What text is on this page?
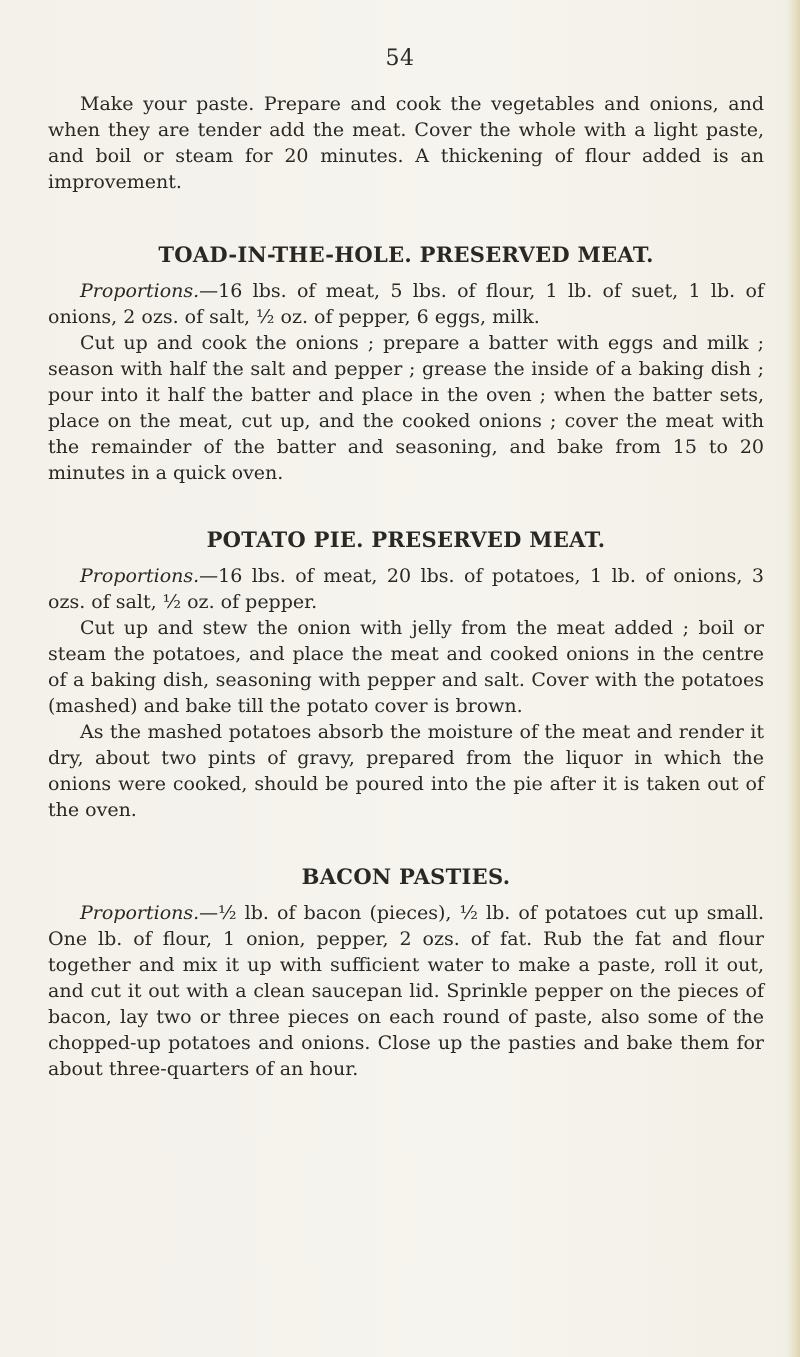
54

Make your paste. Prepare and cook the vegetables and onions, and when they are tender add the meat. Cover the whole with a light paste, and boil or steam for 20 minutes. A thickening of flour added is an improvement.

TOAD-IN-THE-HOLE. PRESERVED MEAT.

Proportions.—16 lbs. of meat, 5 lbs. of flour, 1 lb. of suet, 1 lb. of onions, 2 ozs. of salt, ½ oz. of pepper, 6 eggs, milk.

Cut up and cook the onions ; prepare a batter with eggs and milk ; season with half the salt and pepper ; grease the inside of a baking dish ; pour into it half the batter and place in the oven ; when the batter sets, place on the meat, cut up, and the cooked onions ; cover the meat with the remainder of the batter and seasoning, and bake from 15 to 20 minutes in a quick oven.

POTATO PIE. PRESERVED MEAT.

Proportions.—16 lbs. of meat, 20 lbs. of potatoes, 1 lb. of onions, 3 ozs. of salt, ½ oz. of pepper.

Cut up and stew the onion with jelly from the meat added ; boil or steam the potatoes, and place the meat and cooked onions in the centre of a baking dish, seasoning with pepper and salt. Cover with the potatoes (mashed) and bake till the potato cover is brown.

As the mashed potatoes absorb the moisture of the meat and render it dry, about two pints of gravy, prepared from the liquor in which the onions were cooked, should be poured into the pie after it is taken out of the oven.

BACON PASTIES.

Proportions.—½ lb. of bacon (pieces), ½ lb. of potatoes cut up small. One lb. of flour, 1 onion, pepper, 2 ozs. of fat. Rub the fat and flour together and mix it up with sufficient water to make a paste, roll it out, and cut it out with a clean saucepan lid. Sprinkle pepper on the pieces of bacon, lay two or three pieces on each round of paste, also some of the chopped-up potatoes and onions. Close up the pasties and bake them for about three-quarters of an hour.
